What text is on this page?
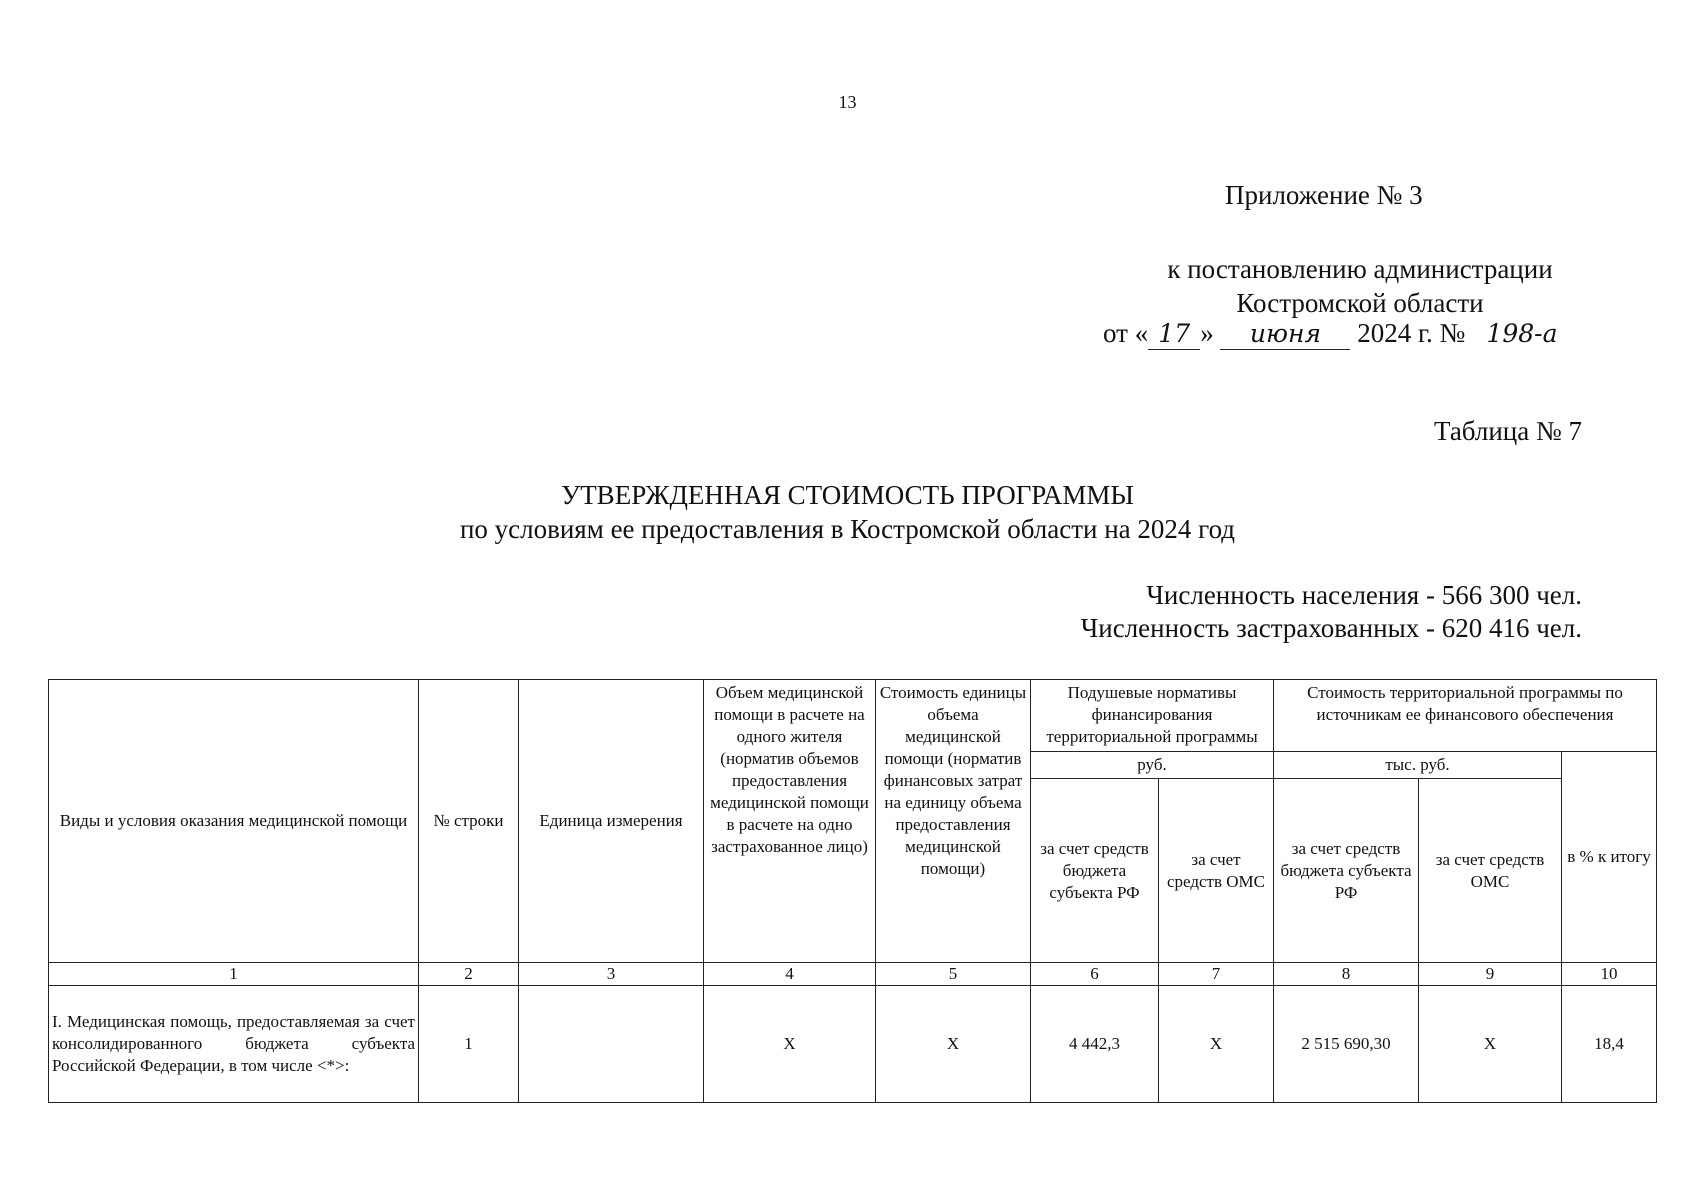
13
Приложение № 3
к постановлению администрации
Костромской области
от « 17 » июня 2024 г. № 198-а
Таблица № 7
УТВЕРЖДЕННАЯ СТОИМОСТЬ ПРОГРАММЫ
по условиям ее предоставления в Костромской области на 2024 год
Численность населения - 566 300 чел.
Численность застрахованных - 620 416 чел.
Виды и условия оказания медицинской помощи	№ строки	Единица измерения	Объем медицинской помощи в расчете на одного жителя (норматив объемов предоставления медицинской помощи в расчете на одно застрахованное лицо)	Стоимость единицы объема медицинской помощи (норматив финансовых затрат на единицу объема предоставления медицинской помощи)	Подушевые нормативы финансирования территориальной программы		Стоимость территориальной программы по источникам ее финансового обеспечения		
					руб.		тыс. руб.		в % к итогу
					за счет средств бюджета субъекта РФ	за счет средств ОМС	за счет средств бюджета субъекта РФ	за счет средств ОМС	
1	2	3	4	5	6	7	8	9	10
I. Медицинская помощь, предоставляемая за счет консолидированного бюджета субъекта Российской Федерации, в том числе <*>:	1		X	X	4 442,3	X	2 515 690,30	X	18,4
